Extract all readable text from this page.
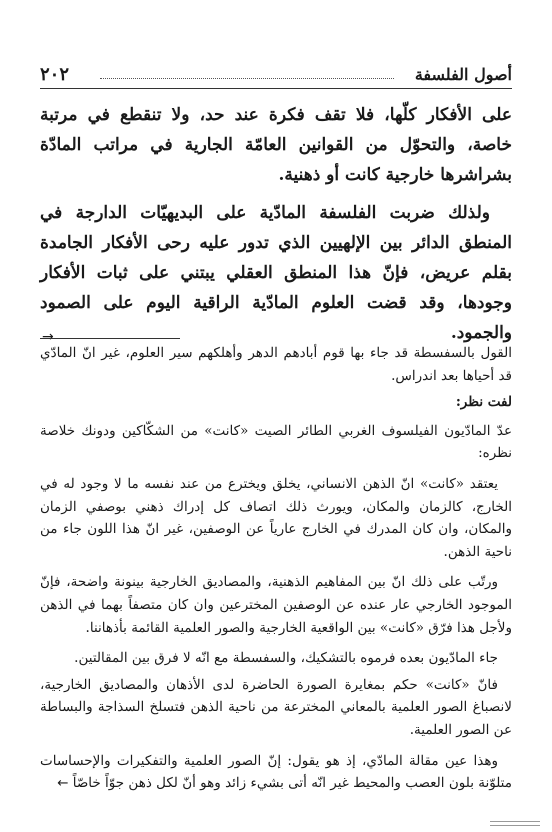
٢٠٢	أصول الفلسفة

على الأفكار كلّها، فلا تقف فكرة عند حد، ولا تنقطع في مرتبة خاصة، والتحوّل من القوانين العامّة الجارية في مراتب المادّة بشراشرها خارجية كانت أو ذهنية.

ولذلك ضربت الفلسفة المادّية على البديهيّات الدارجة في المنطق الدائر بين الإلهيين الذي تدور عليه رحى الأفكار الجامدة بقلم عريض، فإنّ هذا المنطق العقلي يبتني على ثبات الأفكار وجودها، وقد قضت العلوم المادّية الراقية اليوم على الصمود والجمود.

→

القول بالسفسطة قد جاء بها قوم أبادهم الدهر وأهلكهم سير العلوم، غير انّ المادّي قد أحياها بعد اندراس.

لفت نظر:

عدّ المادّيون الفيلسوف الغربي الطائر الصيت «كانت» من الشكّاكين ودونك خلاصة نظره:

يعتقد «كانت» انّ الذهن الانساني، يخلق ويخترع من عند نفسه ما لا وجود له في الخارج، كالزمان والمكان، ويورث ذلك اتصاف كل إدراك ذهني بوصفي الزمان والمكان، وان كان المدرك في الخارج عارياً عن الوصفين، غير انّ هذا اللون جاء من ناحية الذهن.

ورتّب على ذلك انّ بين المفاهيم الذهنية، والمصاديق الخارجية بينونة واضحة، فإنّ الموجود الخارجي عار عنده عن الوصفين المخترعين وان كان متصفاً بهما في الذهن ولأجل هذا فرّق «كانت» بين الواقعية الخارجية والصور العلمية القائمة بأذهاننا.

جاء المادّيون بعده فرموه بالتشكيك، والسفسطة مع انّه لا فرق بين المقالتين.

فانّ «كانت» حكم بمغايرة الصورة الحاضرة لدى الأذهان والمصاديق الخارجية، لانصباغ الصور العلمية بالمعاني المخترعة من ناحية الذهن فتسلخ السذاجة والبساطة عن الصور العلمية.

وهذا عين مقالة المادّي، إذ هو يقول: إنّ الصور العلمية والتفكيرات والإحساسات متلوّنة بلون العصب والمحيط غير انّه أتى بشيء زائد وهو أنّ لكل ذهن جوّاً خاصّاً ←
